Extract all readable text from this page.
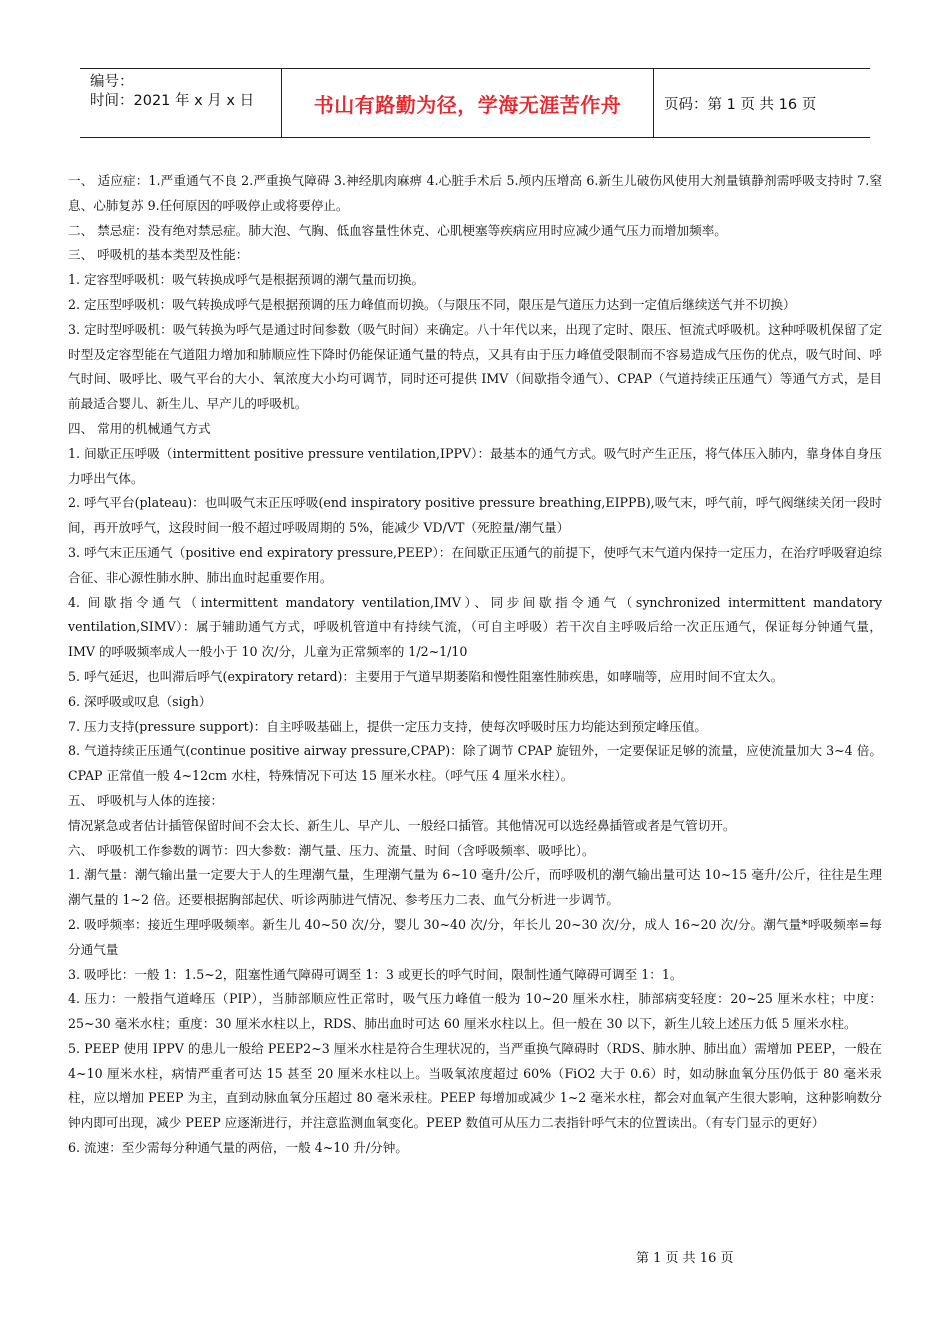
编号：
时间：2021 年 x 月 x 日	书山有路勤为径，学海无涯苦作舟	页码：第 1 页 共 16 页

一、 适应症：1.严重通气不良 2.严重换气障碍 3.神经肌肉麻痹 4.心脏手术后 5.颅内压增高 6.新生儿破伤风使用大剂量镇静剂需呼吸支持时 7.窒息、心肺复苏 9.任何原因的呼吸停止或将要停止。

二、 禁忌症：没有绝对禁忌症。肺大泡、气胸、低血容量性休克、心肌梗塞等疾病应用时应减少通气压力而增加频率。

三、 呼吸机的基本类型及性能：

1. 定容型呼吸机：吸气转换成呼气是根据预调的潮气量而切换。

2. 定压型呼吸机：吸气转换成呼气是根据预调的压力峰值而切换。（与限压不同，限压是气道压力达到一定值后继续送气并不切换）

3. 定时型呼吸机：吸气转换为呼气是通过时间参数（吸气时间）来确定。八十年代以来，出现了定时、限压、恒流式呼吸机。这种呼吸机保留了定时型及定容型能在气道阻力增加和肺顺应性下降时仍能保证通气量的特点，又具有由于压力峰值受限制而不容易造成气压伤的优点，吸气时间、呼气时间、吸呼比、吸气平台的大小、氧浓度大小均可调节，同时还可提供 IMV（间歇指令通气）、CPAP（气道持续正压通气）等通气方式，是目前最适合婴儿、新生儿、早产儿的呼吸机。

四、 常用的机械通气方式

1. 间歇正压呼吸（intermittent positive pressure ventilation,IPPV）：最基本的通气方式。吸气时产生正压，将气体压入肺内，靠身体自身压力呼出气体。

2. 呼气平台(plateau)：也叫吸气末正压呼吸(end inspiratory positive pressure breathing,EIPPB),吸气末，呼气前，呼气阀继续关闭一段时间，再开放呼气，这段时间一般不超过呼吸周期的 5%，能减少 VD/VT（死腔量/潮气量）

3. 呼气末正压通气（positive end expiratory pressure,PEEP）：在间歇正压通气的前提下，使呼气末气道内保持一定压力，在治疗呼吸窘迫综合征、非心源性肺水肿、肺出血时起重要作用。

4. 间歇指令通气（intermittent mandatory ventilation,IMV）、同步间歇指令通气（synchronized intermittent mandatory ventilation,SIMV）：属于辅助通气方式，呼吸机管道中有持续气流，（可自主呼吸）若干次自主呼吸后给一次正压通气，保证每分钟通气量，IMV 的呼吸频率成人一般小于 10 次/分，儿童为正常频率的 1/2~1/10

5. 呼气延迟，也叫滞后呼气(expiratory retard)：主要用于气道早期萎陷和慢性阻塞性肺疾患，如哮喘等，应用时间不宜太久。

6. 深呼吸或叹息（sigh）

7. 压力支持(pressure support)：自主呼吸基础上，提供一定压力支持，使每次呼吸时压力均能达到预定峰压值。

8. 气道持续正压通气(continue positive airway pressure,CPAP)：除了调节 CPAP 旋钮外，一定要保证足够的流量，应使流量加大 3~4 倍。CPAP 正常值一般 4~12cm 水柱，特殊情况下可达 15 厘米水柱。（呼气压 4 厘米水柱）。

五、 呼吸机与人体的连接：

情况紧急或者估计插管保留时间不会太长、新生儿、早产儿、一般经口插管。其他情况可以选经鼻插管或者是气管切开。

六、 呼吸机工作参数的调节：四大参数：潮气量、压力、流量、时间（含呼吸频率、吸呼比）。

1. 潮气量：潮气输出量一定要大于人的生理潮气量，生理潮气量为 6~10 毫升/公斤，而呼吸机的潮气输出量可达 10~15 毫升/公斤，往往是生理潮气量的 1~2 倍。还要根据胸部起伏、听诊两肺进气情况、参考压力二表、血气分析进一步调节。

2. 吸呼频率：接近生理呼吸频率。新生儿 40~50 次/分，婴儿 30~40 次/分，年长儿 20~30 次/分，成人 16~20 次/分。潮气量*呼吸频率=每分通气量

3. 吸呼比：一般 1：1.5~2，阻塞性通气障碍可调至 1：3 或更长的呼气时间，限制性通气障碍可调至 1：1。

4. 压力：一般指气道峰压（PIP），当肺部顺应性正常时，吸气压力峰值一般为 10~20 厘米水柱，肺部病变轻度：20~25 厘米水柱；中度：25~30 毫米水柱；重度：30 厘米水柱以上，RDS、肺出血时可达 60 厘米水柱以上。但一般在 30 以下，新生儿较上述压力低 5 厘米水柱。

5. PEEP 使用 IPPV 的患儿一般给 PEEP2~3 厘米水柱是符合生理状况的，当严重换气障碍时（RDS、肺水肿、肺出血）需增加 PEEP，一般在 4~10 厘米水柱，病情严重者可达 15 甚至 20 厘米水柱以上。当吸氧浓度超过 60%（FiO2 大于 0.6）时，如动脉血氧分压仍低于 80 毫米汞柱，应以增加 PEEP 为主，直到动脉血氧分压超过 80 毫米汞柱。PEEP 每增加或减少 1~2 毫米水柱，都会对血氧产生很大影响，这种影响数分钟内即可出现，减少 PEEP 应逐渐进行，并注意监测血氧变化。PEEP 数值可从压力二表指针呼气末的位置读出。（有专门显示的更好）

6. 流速：至少需每分种通气量的两倍，一般 4~10 升/分钟。

第 1 页 共 16 页
